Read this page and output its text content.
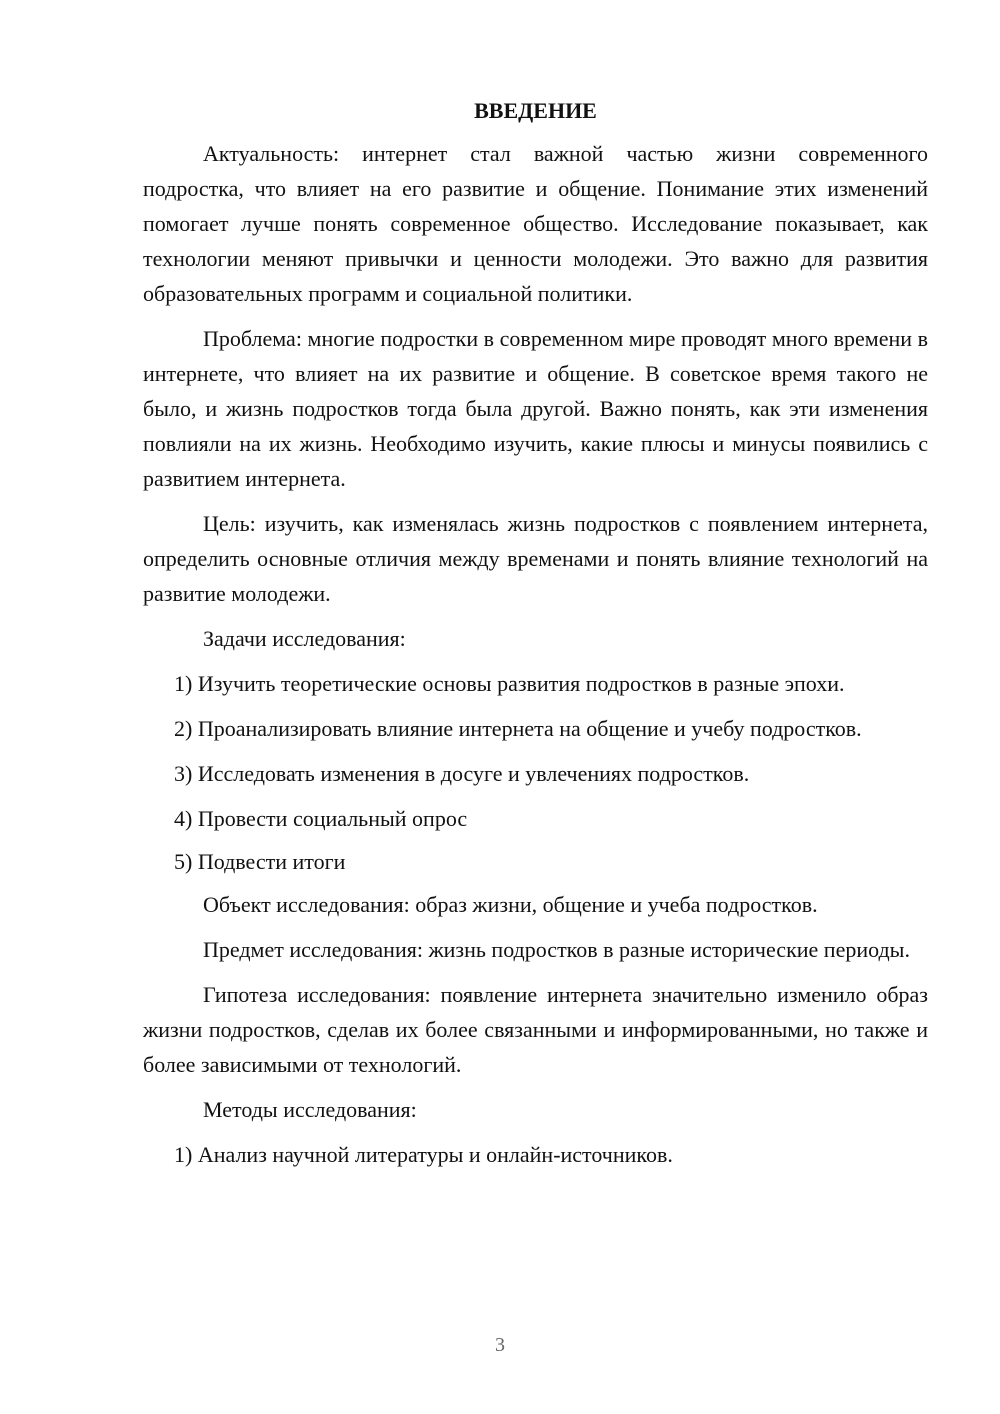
ВВЕДЕНИЕ

Актуальность: интернет стал важной частью жизни современного подростка, что влияет на его развитие и общение. Понимание этих изменений помогает лучше понять современное общество. Исследование показывает, как технологии меняют привычки и ценности молодежи. Это важно для развития образовательных программ и социальной политики.

Проблема: многие подростки в современном мире проводят много времени в интернете, что влияет на их развитие и общение. В советское время такого не было, и жизнь подростков тогда была другой. Важно понять, как эти изменения повлияли на их жизнь. Необходимо изучить, какие плюсы и минусы появились с развитием интернета.

Цель: изучить, как изменялась жизнь подростков с появлением интернета, определить основные отличия между временами и понять влияние технологий на развитие молодежи.

Задачи исследования:

1) Изучить теоретические основы развития подростков в разные эпохи.

2) Проанализировать влияние интернета на общение и учебу подростков.

3) Исследовать изменения в досуге и увлечениях подростков.

4) Провести социальный опрос

5) Подвести итоги

Объект исследования: образ жизни, общение и учеба подростков.

Предмет исследования: жизнь подростков в разные исторические периоды.

Гипотеза исследования: появление интернета значительно изменило образ жизни подростков, сделав их более связанными и информированными, но также и более зависимыми от технологий.

Методы исследования:

1) Анализ научной литературы и онлайн-источников.

3
